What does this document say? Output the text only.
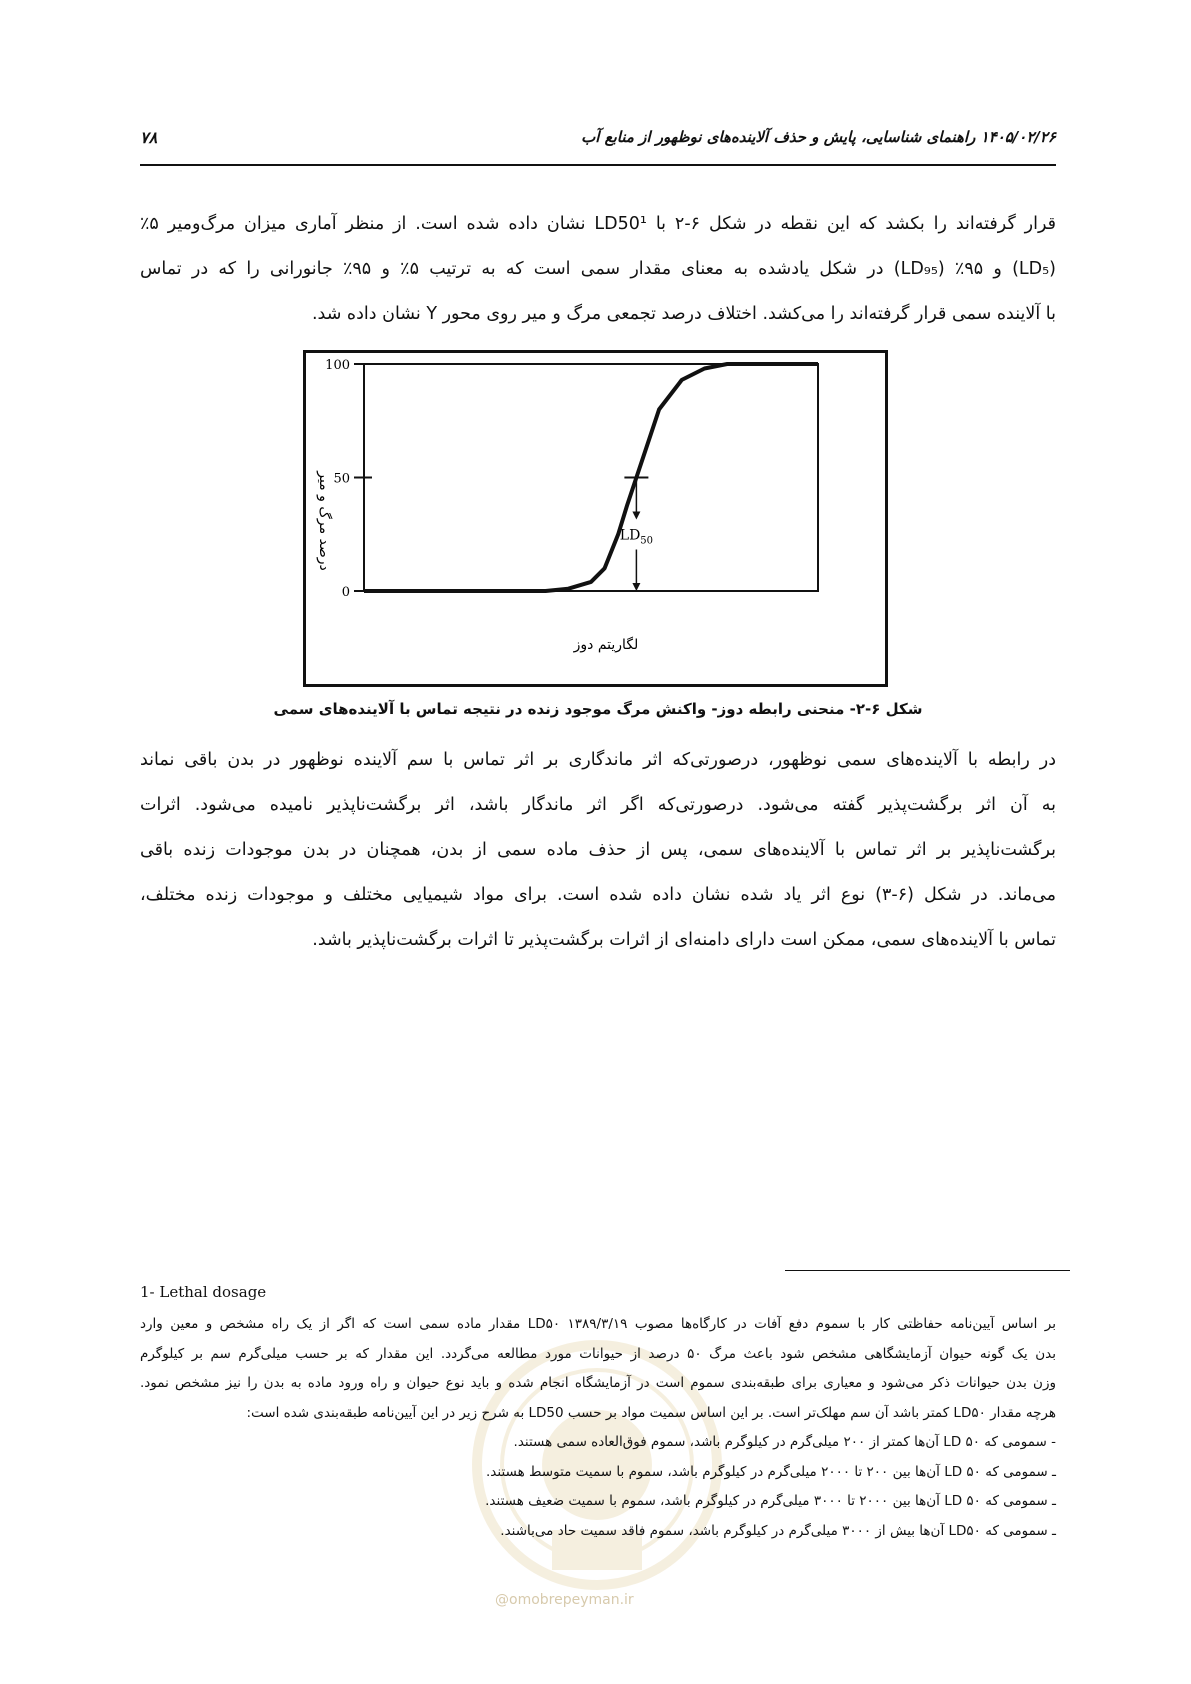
۷۸	۱۴۰۵/۰۲/۲۶ راهنمای شناسایی، پایش و حذف آلاینده‌های نوظهور از منابع آب
قرار گرفته‌اند را بکشد که این نقطه در شکل ۶-۲ با LD50¹ نشان داده شده است. از منظر آماری میزان مرگ‌ومیر ۵٪
(LD₅) و ۹۵٪ (LD₉₅) در شکل یادشده به معنای مقدار سمی است که به ترتیب ۵٪ و ۹۵٪ جانورانی را که در تماس
با آلاینده سمی قرار گرفته‌اند را می‌کشد. اختلاف درصد تجمعی مرگ و میر روی محور Y نشان داده شد.
درصد مرگ و میر
لگاریتم دوز
0
50
100
$LD_{50}$
شکل ۶-۲- منحنی رابطه دوز- واکنش مرگ موجود زنده در نتیجه تماس با آلاینده‌های سمی
در رابطه با آلاینده‌های سمی نوظهور، درصورتی‌که اثر ماندگاری بر اثر تماس با سم آلاینده نوظهور در بدن باقی نماند
به آن اثر برگشت‌پذیر گفته می‌شود. درصورتی‌که اگر اثر ماندگار باشد، اثر برگشت‌ناپذیر نامیده می‌شود. اثرات
برگشت‌ناپذیر بر اثر تماس با آلاینده‌های سمی، پس از حذف ماده سمی از بدن، همچنان در بدن موجودات زنده باقی
می‌ماند. در شکل (۶-۳) نوع اثر یاد شده نشان داده شده است. برای مواد شیمیایی مختلف و موجودات زنده مختلف،
تماس با آلاینده‌های سمی، ممکن است دارای دامنه‌ای از اثرات برگشت‌پذیر تا اثرات برگشت‌ناپذیر باشد.
1- Lethal dosage
@omobrepeyman.ir
بر اساس آیین‌نامه حفاظتی کار با سموم دفع آفات در کارگاه‌ها مصوب ۱۳۸۹/۳/۱۹ LD۵۰ مقدار ماده سمی است که اگر از یک راه مشخص و معین وارد
بدن یک گونه حیوان آزمایشگاهی مشخص شود باعث مرگ ۵۰ درصد از حیوانات مورد مطالعه می‌گردد. این مقدار که بر حسب میلی‌گرم سم بر کیلوگرم
وزن بدن حیوانات ذکر می‌شود و معیاری برای طبقه‌بندی سموم است در آزمایشگاه انجام شده و باید نوع حیوان و راه ورود ماده به بدن را نیز مشخص نمود.
هرچه مقدار LD۵۰ کمتر باشد آن سم مهلک‌تر است. بر این اساس سمیت مواد بر حسب LD50 به شرح زیر در این آیین‌نامه طبقه‌بندی شده است:
- سمومی که LD ۵۰ آن‌ها کمتر از ۲۰۰ میلی‌گرم در کیلوگرم باشد، سموم فوق‌العاده سمی هستند.
ـ سمومی که LD ۵۰ آن‌ها بین ۲۰۰ تا ۲۰۰۰ میلی‌گرم در کیلوگرم باشد، سموم با سمیت متوسط هستند.
ـ سمومی که LD ۵۰ آن‌ها بین ۲۰۰۰ تا ۳۰۰۰ میلی‌گرم در کیلوگرم باشد، سموم با سمیت ضعیف هستند.
ـ سمومی که LD۵۰ آن‌ها بیش از ۳۰۰۰ میلی‌گرم در کیلوگرم باشد، سموم فاقد سمیت حاد می‌باشند.
